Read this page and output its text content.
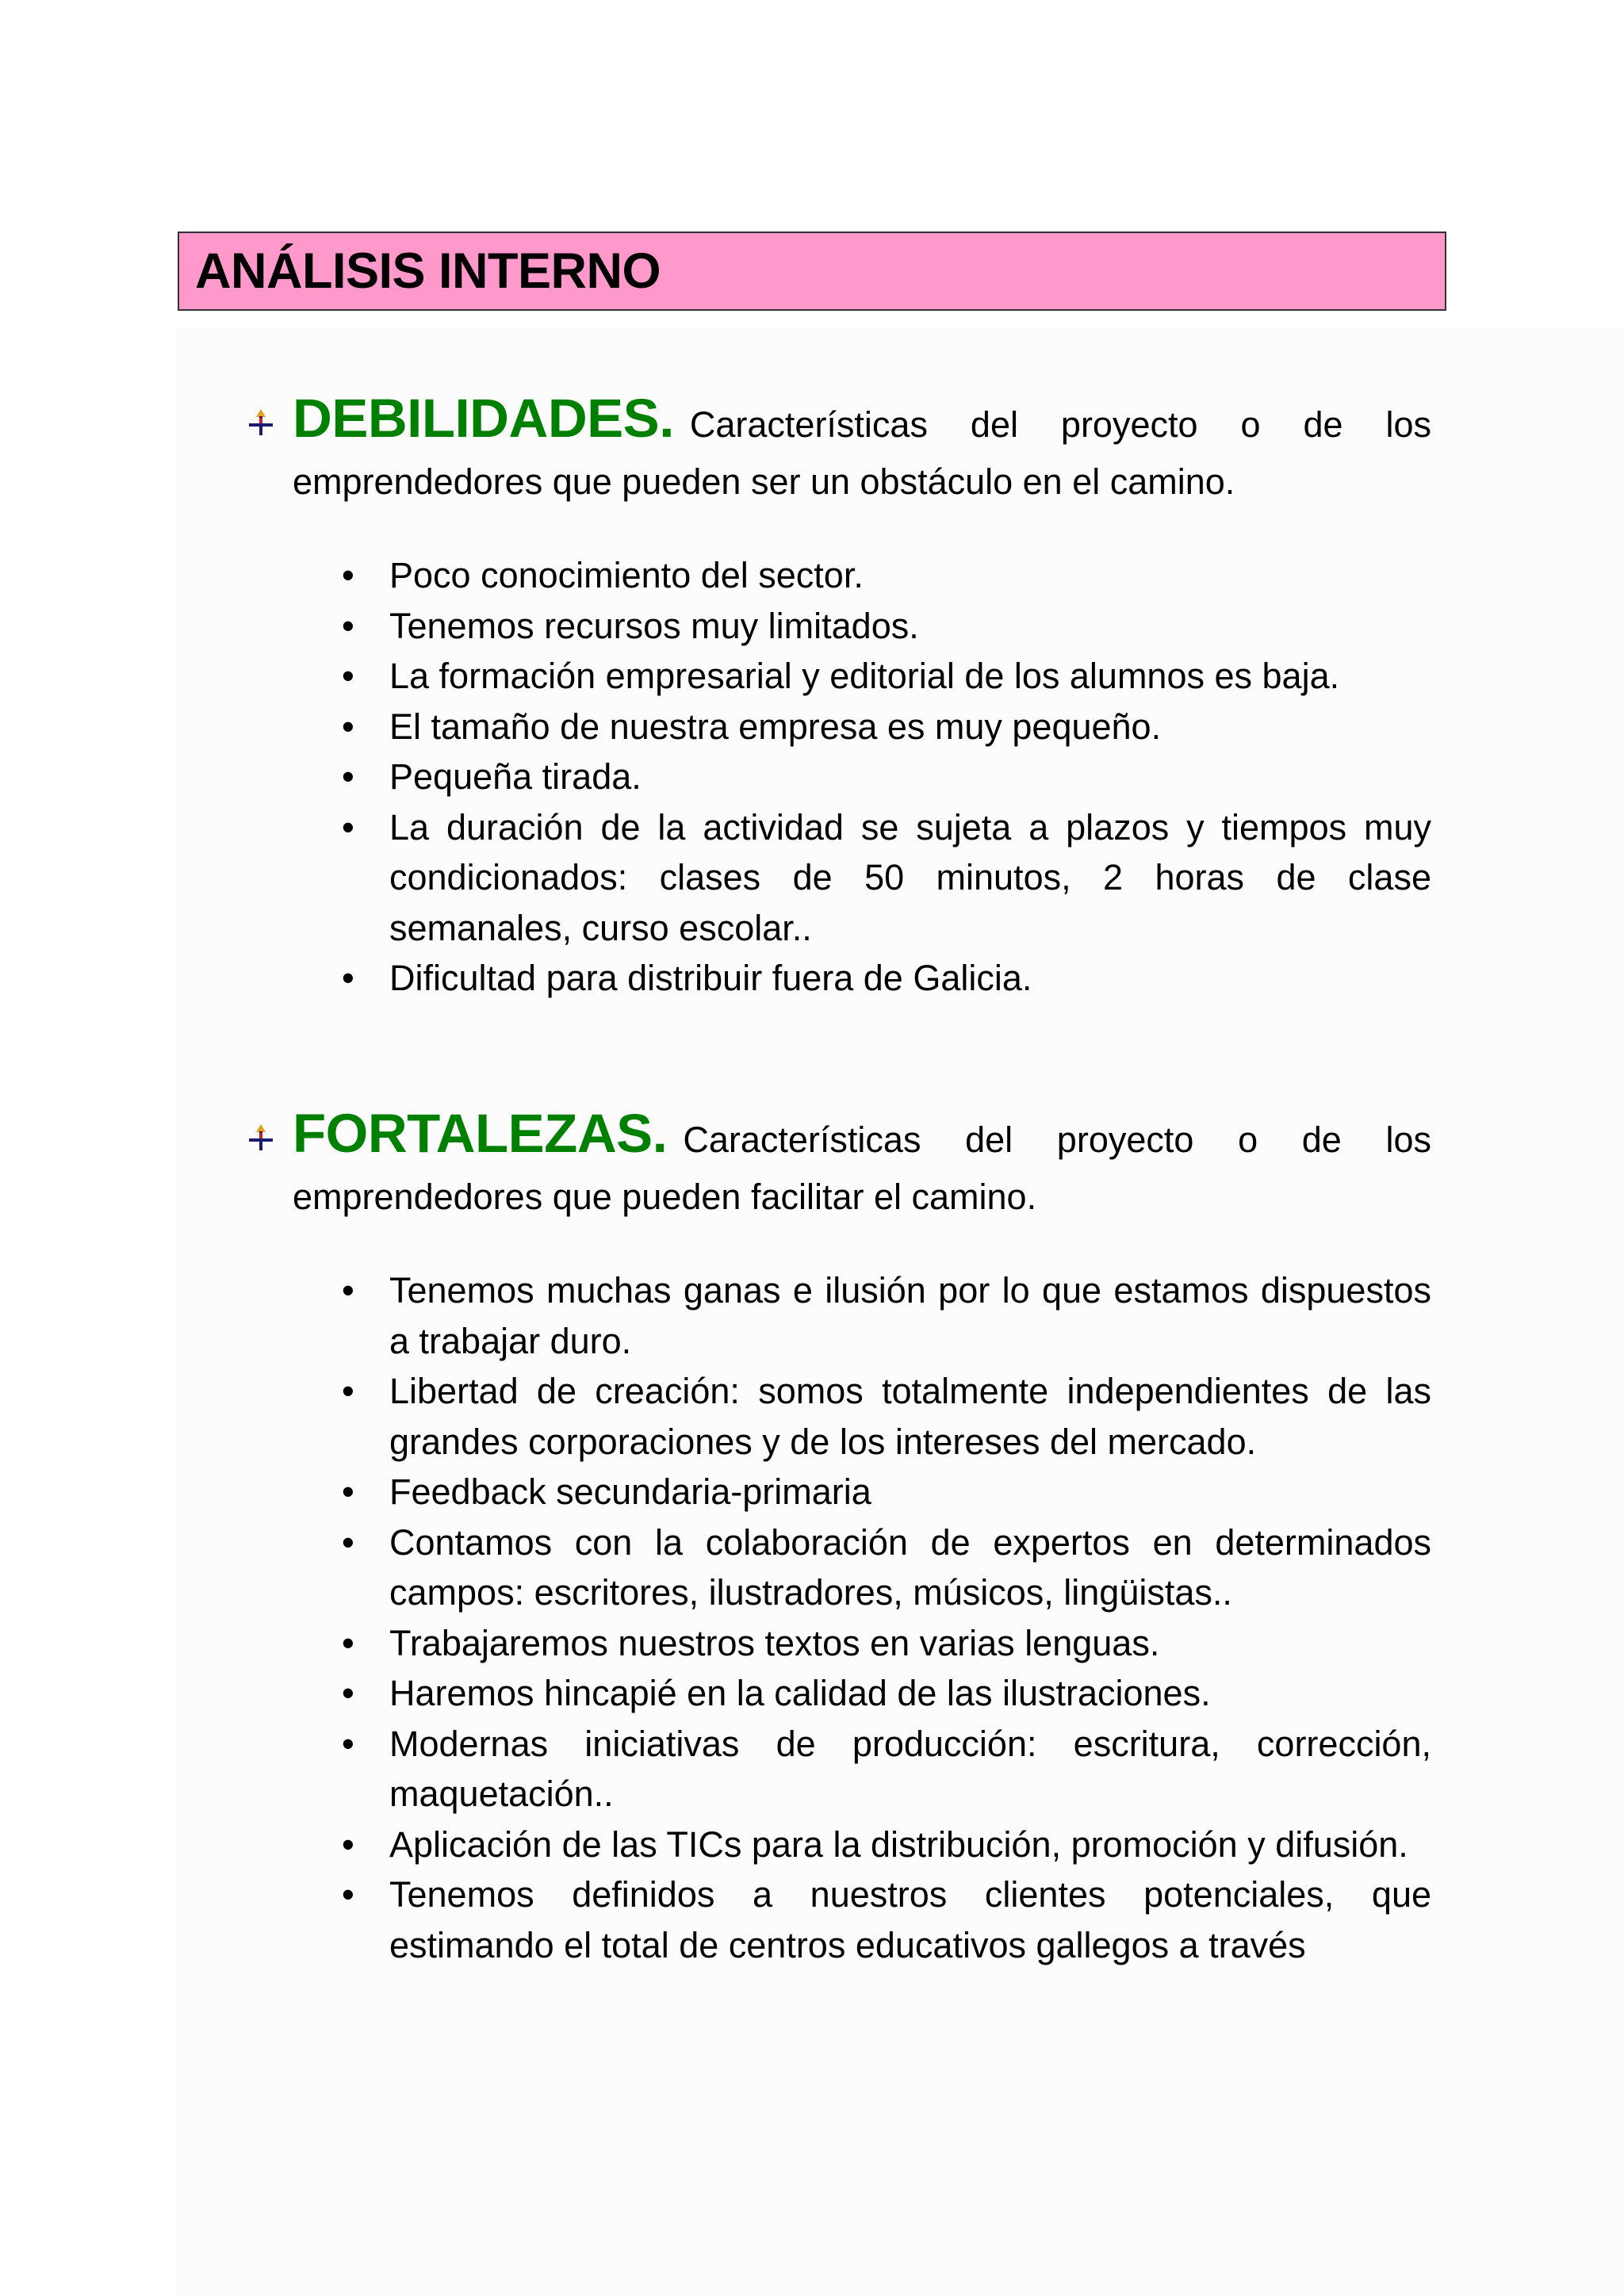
ANÁLISIS INTERNO

DEBILIDADES. Características del proyecto o de los emprendedores que pueden ser un obstáculo en el camino.

• Poco conocimiento del sector.
• Tenemos recursos muy limitados.
• La formación empresarial y editorial de los alumnos es baja.
• El tamaño de nuestra empresa es muy pequeño.
• Pequeña tirada.
• La duración de la actividad se sujeta a plazos y tiempos muy condicionados: clases de 50 minutos, 2 horas de clase semanales, curso escolar..
• Dificultad para distribuir fuera de Galicia.

FORTALEZAS. Características del proyecto o de los emprendedores que pueden facilitar el camino.

• Tenemos muchas ganas e ilusión por lo que estamos dispuestos a trabajar duro.
• Libertad de creación: somos totalmente independientes de las grandes corporaciones y de los intereses del mercado.
• Feedback secundaria-primaria
• Contamos con la colaboración de expertos en determinados campos: escritores, ilustradores, músicos, lingüistas..
• Trabajaremos nuestros textos en varias lenguas.
• Haremos hincapié en la calidad de las ilustraciones.
• Modernas iniciativas de producción: escritura, corrección, maquetación..
• Aplicación de las TICs para la distribución, promoción y difusión.
• Tenemos definidos a nuestros clientes potenciales, que estimando el total de centros educativos gallegos a través
